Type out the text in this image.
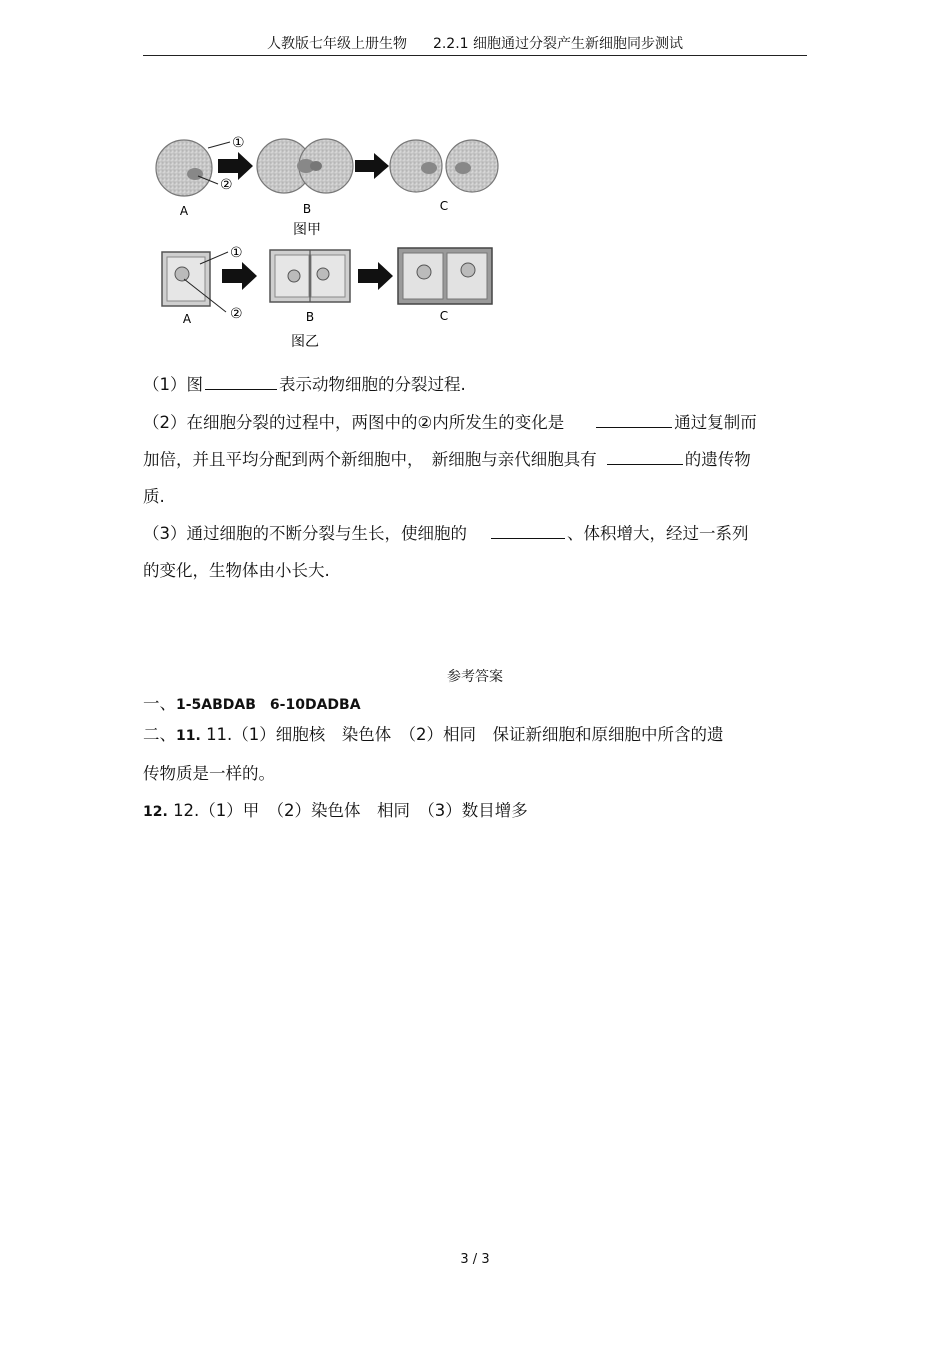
人教版七年级上册生物 2.2.1 细胞通过分裂产生新细胞同步测试
①
②
A	B
图甲
C
①
②
A	B
图乙
C
（1）图	表示动物细胞的分裂过程.
（2）在细胞分裂的过程中，两图中的②内所发生的变化是	通过复制而
加倍，并且平均分配到两个新细胞中，　新细胞与亲代细胞具有	的遗传物
质.
（3）通过细胞的不断分裂与生长，使细胞的	、体积增大，经过一系列
的变化，生物体由小长大.
参考答案
一、1-5ABDAB　6-10DADBA
二、11. 11.（1）细胞核　染色体　（2）相同　保证新细胞和原细胞中所含的遗
传物质是一样的。
12. 12.（1）甲　（2）染色体　相同　（3）数目增多
3 / 3
